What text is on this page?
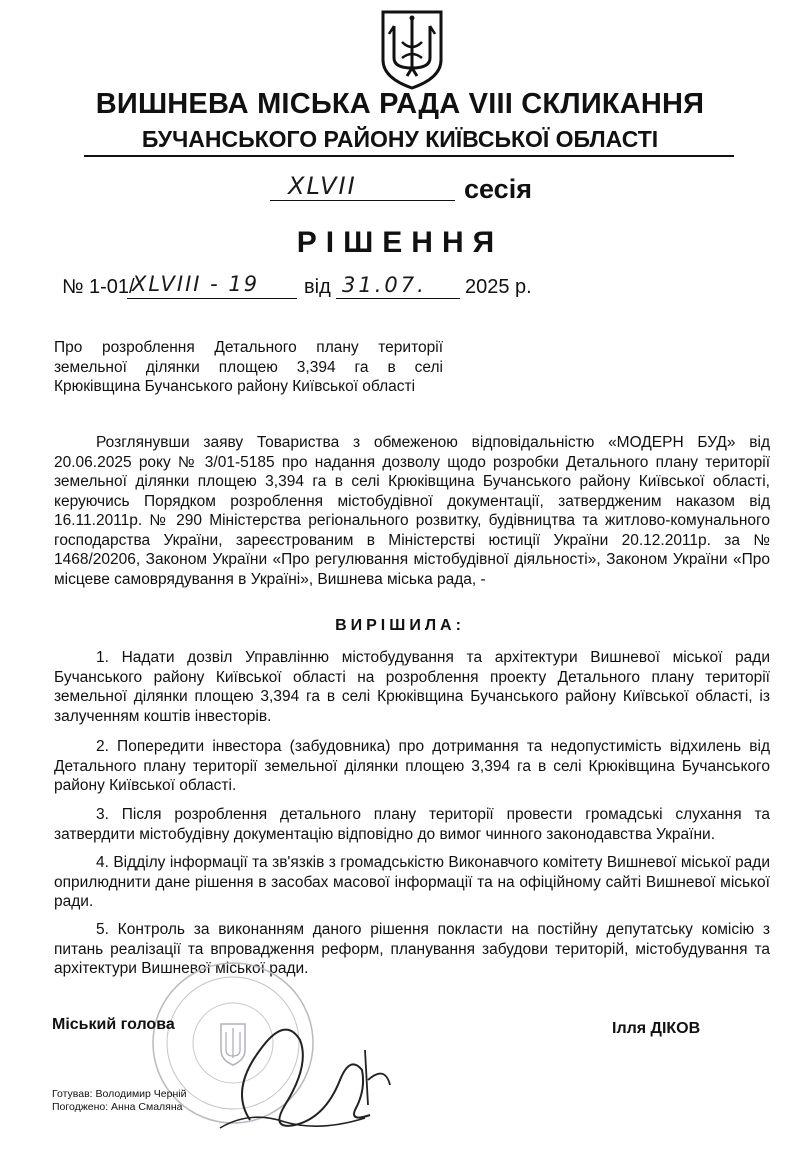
ВИШНЕВА МІСЬКА РАДА VIII СКЛИКАННЯ
БУЧАНСЬКОГО РАЙОНУ КИЇВСЬКОЇ ОБЛАСТІ
XLVII	сесія
РІШЕННЯ
№ 1-01/
XLVIII - 19 від 31.07. 2025 р.
Про розроблення Детального плану території земельної ділянки площею 3,394 га в селі Крюківщина Бучанського району Київської області
Розглянувши заяву Товариства з обмеженою відповідальністю «МОДЕРН БУД» від 20.06.2025 року № 3/01-5185 про надання дозволу щодо розробки Детального плану території земельної ділянки площею 3,394 га в селі Крюківщина Бучанського району Київської області, керуючись Порядком розроблення містобудівної документації, затвердженим наказом від 16.11.2011р. № 290 Міністерства регіонального розвитку, будівництва та житлово-комунального господарства України, зареєстрованим в Міністерстві юстиції України 20.12.2011р. за № 1468/20206, Законом України «Про регулювання містобудівної діяльності», Законом України «Про місцеве самоврядування в Україні», Вишнева міська рада, -
ВИРІШИЛА:
1. Надати дозвіл Управлінню містобудування та архітектури Вишневої міської ради Бучанського району Київської області на розроблення проекту Детального плану території земельної ділянки площею 3,394 га в селі Крюківщина Бучанського району Київської області, із залученням коштів інвесторів.
2. Попередити інвестора (забудовника) про дотримання та недопустимість відхилень від Детального плану території земельної ділянки площею 3,394 га в селі Крюківщина Бучанського району Київської області.
3. Після розроблення детального плану території провести громадські слухання та затвердити містобудівну документацію відповідно до вимог чинного законодавства України.
4. Відділу інформації та зв'язків з громадськістю Виконавчого комітету Вишневої міської ради оприлюднити дане рішення в засобах масової інформації та на офіційному сайті Вишневої міської ради.
5. Контроль за виконанням даного рішення покласти на постійну депутатську комісію з питань реалізації та впровадження реформ, планування забудови територій, містобудування та архітектури Вишневої міської ради.
Міський голова	Ілля ДІКОВ
Готував: Володимир Черній
Погоджено: Анна Смаляна
